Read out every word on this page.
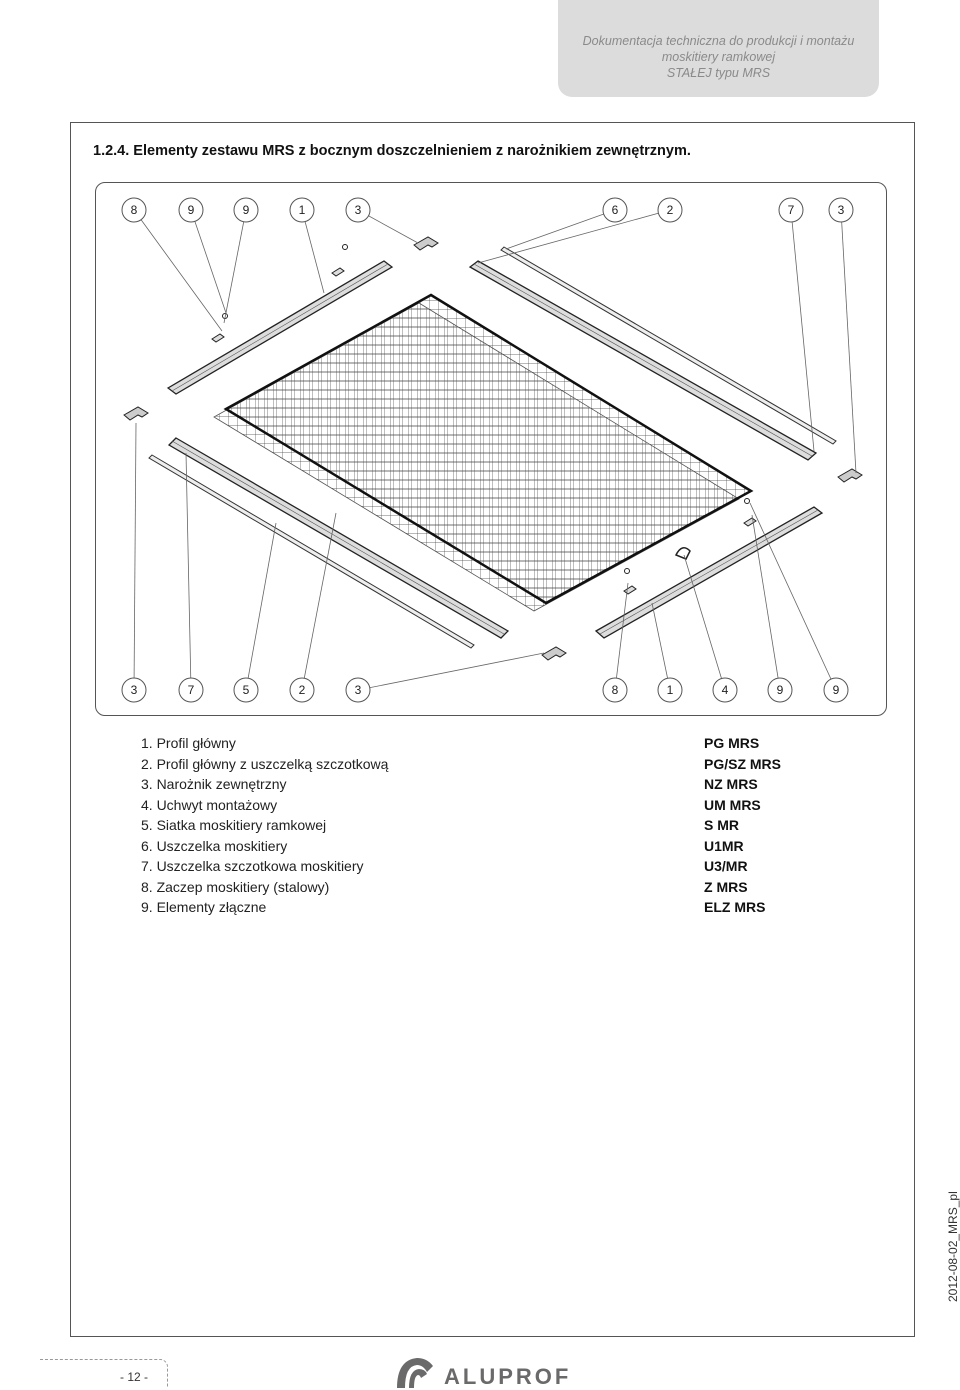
Dokumentacja techniczna do produkcji i montażu
moskitiery ramkowej
STAŁEJ typu MRS
1.2.4. Elementy zestawu MRS z bocznym doszczelnieniem z narożnikiem zewnętrznym.
8	9	9	1	3	6	2	7	3
3	7	5	2	3	8	1	4	9	9
1. Profil główny	PG MRS
2. Profil główny z uszczelką szczotkową	PG/SZ MRS
3. Narożnik zewnętrzny	NZ MRS
4. Uchwyt montażowy	UM MRS
5. Siatka moskitiery ramkowej	S MR
6. Uszczelka moskitiery	U1MR
7. Uszczelka szczotkowa moskitiery	U3/MR
8. Zaczep moskitiery (stalowy)	Z MRS
9. Elementy złączne	ELZ MRS
2012-08-02_MRS_pl
- 12 -	ALUPROF
